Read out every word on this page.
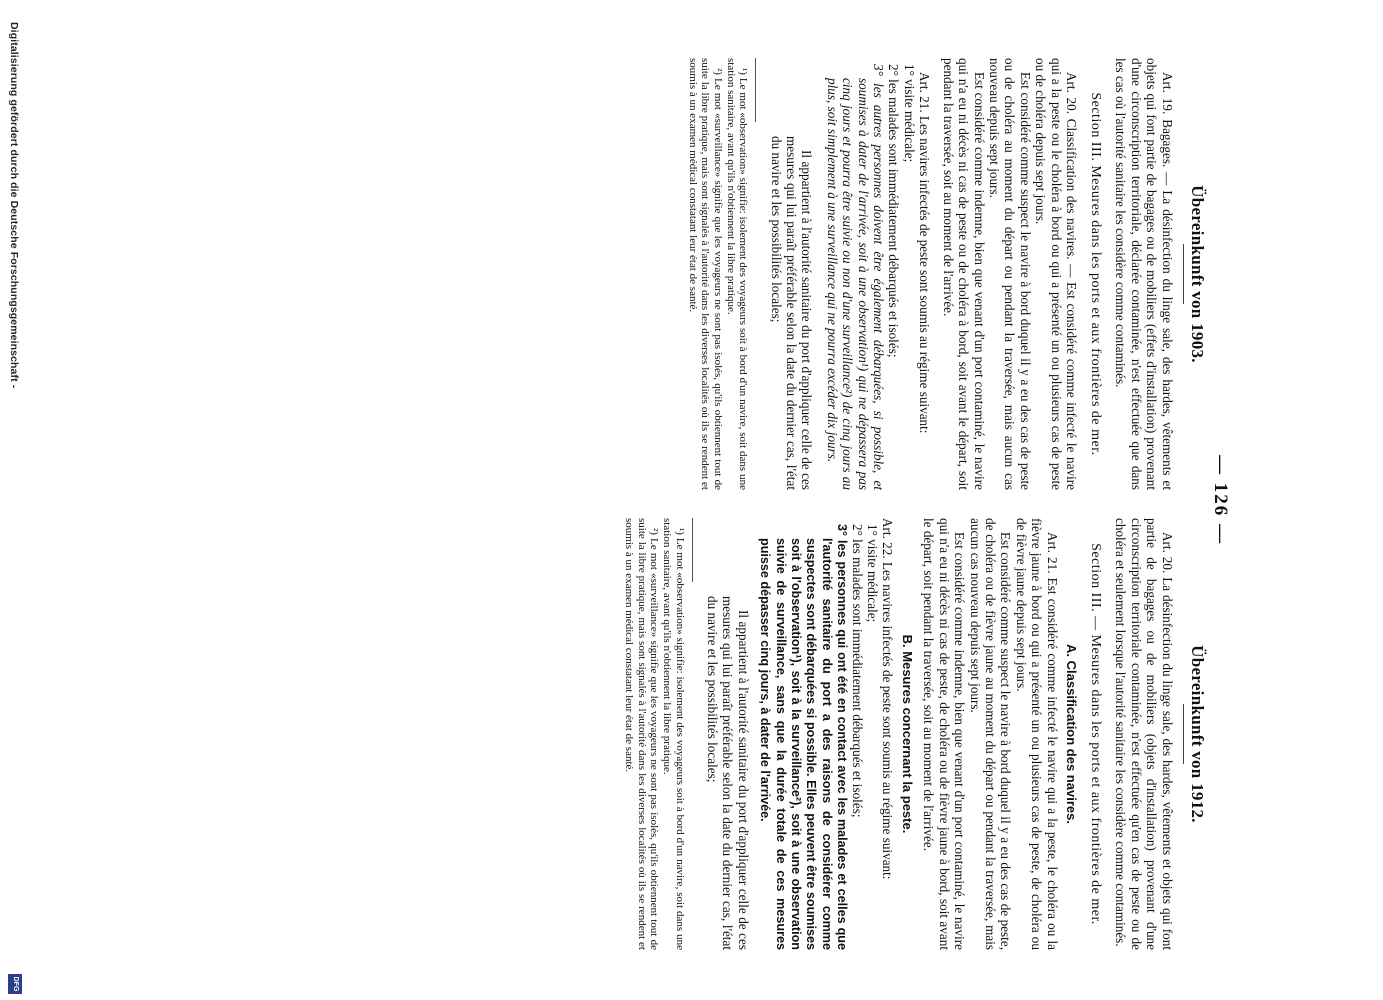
— 126 —
Übereinkunft von 1903.

Art. 19. Bagages. — La désinfection du linge sale, des hardes, vêtements et objets qui font partie de bagages ou de mobiliers (effets d'installation) provenant d'une circonscription territoriale, déclarée contaminée, n'est effectuée que dans les cas où l'autorité sanitaire les considère comme contaminés.

Section III. Mesures dans les ports et aux frontières de mer.

Art. 20. Classification des navires. — Est considéré comme infecté le navire qui a la peste ou le choléra à bord ou qui a présenté un ou plusieurs cas de peste ou de choléra depuis sept jours.

Est considéré comme suspect le navire à bord duquel il y a eu des cas de peste ou de choléra au moment du départ ou pendant la traversée, mais aucun cas nouveau depuis sept jours.

Est considéré comme indemne, bien que venant d'un port contaminé, le navire qui n'a eu ni décès ni cas de peste ou de choléra à bord, soit avant le départ, soit pendant la traversée, soit au moment de l'arrivée.

Art. 21. Les navires infectés de peste sont soumis au régime suivant:

1° visite médicale;
2° les malades sont immédiatement débarqués et isolés;
3° les autres personnes doivent être également débarquées, si possible, et soumises à dater de l'arrivée, soit à une observation¹) qui ne dépassera pas cinq jours et pourra être suivie ou non d'une surveillance²) de cinq jours au plus, soit simplement à une surveillance qui ne pourra excéder dix jours.

Il appartient à l'autorité sanitaire du port d'appliquer celle de ces mesures qui lui paraît préférable selon la date du dernier cas, l'état du navire et les possibilités locales;

¹) Le mot «observation» signifie: isolement des voyageurs soit à bord d'un navire, soit dans une station sanitaire, avant qu'ils n'obtiennent la libre pratique.

²) Le mot «surveillance» signifie que les voyageurs ne sont pas isolés, qu'ils obtiennent tout de suite la libre pratique, mais sont signalés à l'autorité dans les diverses localités où ils se rendent et soumis à un examen médical constatant leur état de santé.

Übereinkunft von 1912.

Art. 20. La désinfection du linge sale, des hardes, vêtements et objets qui font partie de bagages ou de mobiliers (objets d'installation) provenant d'une circonscription territoriale contaminée, n'est effectuée qu'en cas de peste ou de choléra et seulement lorsque l'autorité sanitaire les considère comme contaminés.

Section III. — Mesures dans les ports et aux frontières de mer.
A. Classification des navires.

Art. 21. Est considéré comme infecté le navire qui a la peste, le choléra ou la fièvre jaune à bord ou qui a présenté un ou plusieurs cas de peste, de choléra ou de fièvre jaune depuis sept jours.

Est considéré comme suspect le navire à bord duquel il y a eu des cas de peste, de choléra ou de fièvre jaune au moment du départ ou pendant la traversée, mais aucun cas nouveau depuis sept jours.

Est considéré comme indemne, bien que venant d'un port contaminé, le navire qui n'a eu ni décès ni cas de peste, de choléra ou de fièvre jaune à bord, soit avant le départ, soit pendant la traversée, soit au moment de l'arrivée.

B. Mesures concernant la peste.

Art. 22. Les navires infectés de peste sont soumis au régime suivant:

1° visite médicale;
2° les malades sont immédiatement débarqués et isolés;
3° les personnes qui ont été en contact avec les malades et celles que l'autorité sanitaire du port a des raisons de considérer comme suspectes sont débarquées si possible. Elles peuvent être soumises soit à l'observation¹), soit à la surveillance²), soit à une observation suivie de surveillance, sans que la durée totale de ces mesures puisse dépasser cinq jours, à dater de l'arrivée.

Il appartient à l'autorité sanitaire du port d'appliquer celle de ces mesures qui lui paraît préférable selon la date du dernier cas, l'état du navire et les possibilités locales;

¹) Le mot «observation» signifie: isolement des voyageurs soit à bord d'un navire, soit dans une station sanitaire, avant qu'ils n'obtiennent la libre pratique.

²) Le mot «surveillance» signifie que les voyageurs ne sont pas isolés, qu'ils obtiennent tout de suite la libre pratique, mais sont signalés à l'autorité dans les diverses localités où ils se rendent et soumis à un examen médical constatant leur état de santé.

Digitalisierung gefördert durch die Deutsche Forschungsgemeinschaft -
DFG
